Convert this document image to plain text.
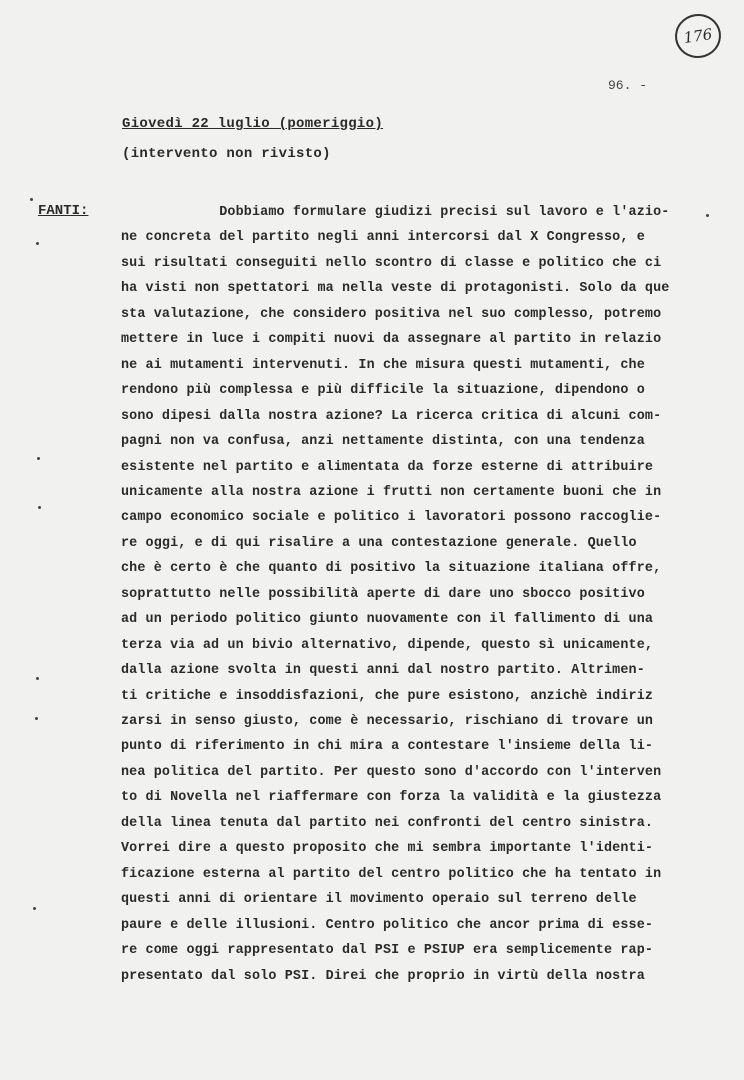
176
96. -
Giovedì 22 luglio (pomeriggio)
(intervento non rivisto)
FANTI: Dobbiamo formulare giudizi precisi sul lavoro e l'azio-
ne concreta del partito negli anni intercorsi dal X Congresso, e
sui risultati conseguiti nello scontro di classe e politico che ci
ha visti non spettatori ma nella veste di protagonisti. Solo da que
sta valutazione, che considero positiva nel suo complesso, potremo
mettere in luce i compiti nuovi da assegnare al partito in relazio
ne ai mutamenti intervenuti. In che misura questi mutamenti, che
rendono più complessa e più difficile la situazione, dipendono o
sono dipesi dalla nostra azione? La ricerca critica di alcuni com-
pagni non va confusa, anzi nettamente distinta, con una tendenza
esistente nel partito e alimentata da forze esterne di attribuire
unicamente alla nostra azione i frutti non certamente buoni che in
campo economico sociale e politico i lavoratori possono raccoglie-
re oggi, e di qui risalire a una contestazione generale. Quello
che è certo è che quanto di positivo la situazione italiana offre,
soprattutto nelle possibilità aperte di dare uno sbocco positivo
ad un periodo politico giunto nuovamente con il fallimento di una
terza via ad un bivio alternativo, dipende, questo sì unicamente,
dalla azione svolta in questi anni dal nostro partito. Altrimen-
ti critiche e insoddisfazioni, che pure esistono, anzichè indiriz
zarsi in senso giusto, come è necessario, rischiano di trovare un
punto di riferimento in chi mira a contestare l'insieme della li-
nea politica del partito. Per questo sono d'accordo con l'interven
to di Novella nel riaffermare con forza la validità e la giustezza
della linea tenuta dal partito nei confronti del centro sinistra.
Vorrei dire a questo proposito che mi sembra importante l'identi-
ficazione esterna al partito del centro politico che ha tentato in
questi anni di orientare il movimento operaio sul terreno delle
paure e delle illusioni. Centro politico che ancor prima di esse-
re come oggi rappresentato dal PSI e PSIUP era semplicemente rap-
presentato dal solo PSI. Direi che proprio in virtù della nostra
